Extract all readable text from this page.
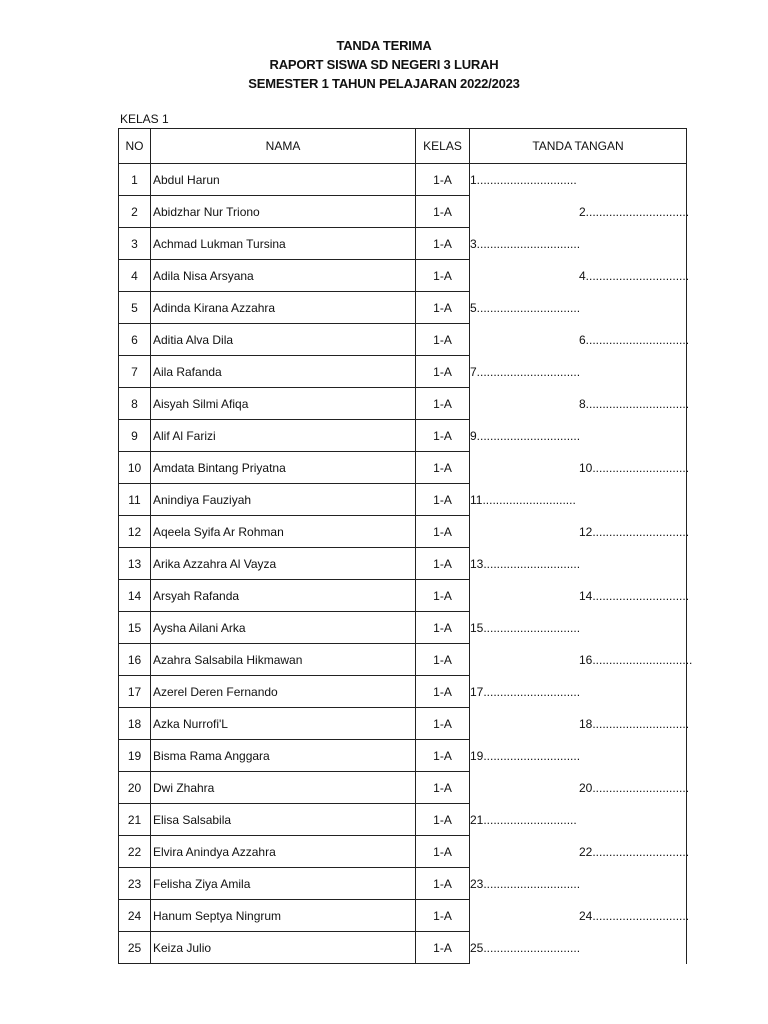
TANDA TERIMA
RAPORT SISWA SD NEGERI 3 LURAH
SEMESTER 1 TAHUN PELAJARAN 2022/2023
KELAS 1
NO	NAMA	KELAS	TANDA TANGAN
1	Abdul Harun	1-A	1..............................

2	Abidzhar Nur Triono	1-A	2...............................

3	Achmad Lukman Tursina	1-A	3...............................

4	Adila Nisa Arsyana	1-A	4...............................

5	Adinda Kirana Azzahra	1-A	5...............................

6	Aditia Alva Dila	1-A	6...............................

7	Aila Rafanda	1-A	7...............................

8	Aisyah Silmi Afiqa	1-A	8...............................

9	Alif Al Farizi	1-A	9...............................

10	Amdata Bintang Priyatna	1-A	10.............................

11	Anindiya Fauziyah	1-A	11............................

12	Aqeela Syifa Ar Rohman	1-A	12.............................

13	Arika Azzahra Al Vayza	1-A	13.............................

14	Arsyah Rafanda	1-A	14.............................

15	Aysha Ailani Arka	1-A	15.............................

16	Azahra Salsabila Hikmawan	1-A	16..............................

17	Azerel Deren Fernando	1-A	17.............................

18	Azka Nurrofi'L	1-A	18.............................

19	Bisma Rama Anggara	1-A	19.............................

20	Dwi Zhahra	1-A	20.............................

21	Elisa Salsabila	1-A	21............................

22	Elvira Anindya Azzahra	1-A	22.............................

23	Felisha Ziya Amila	1-A	23.............................

24	Hanum Septya Ningrum	1-A	24.............................

25	Keiza Julio	1-A	25.............................
